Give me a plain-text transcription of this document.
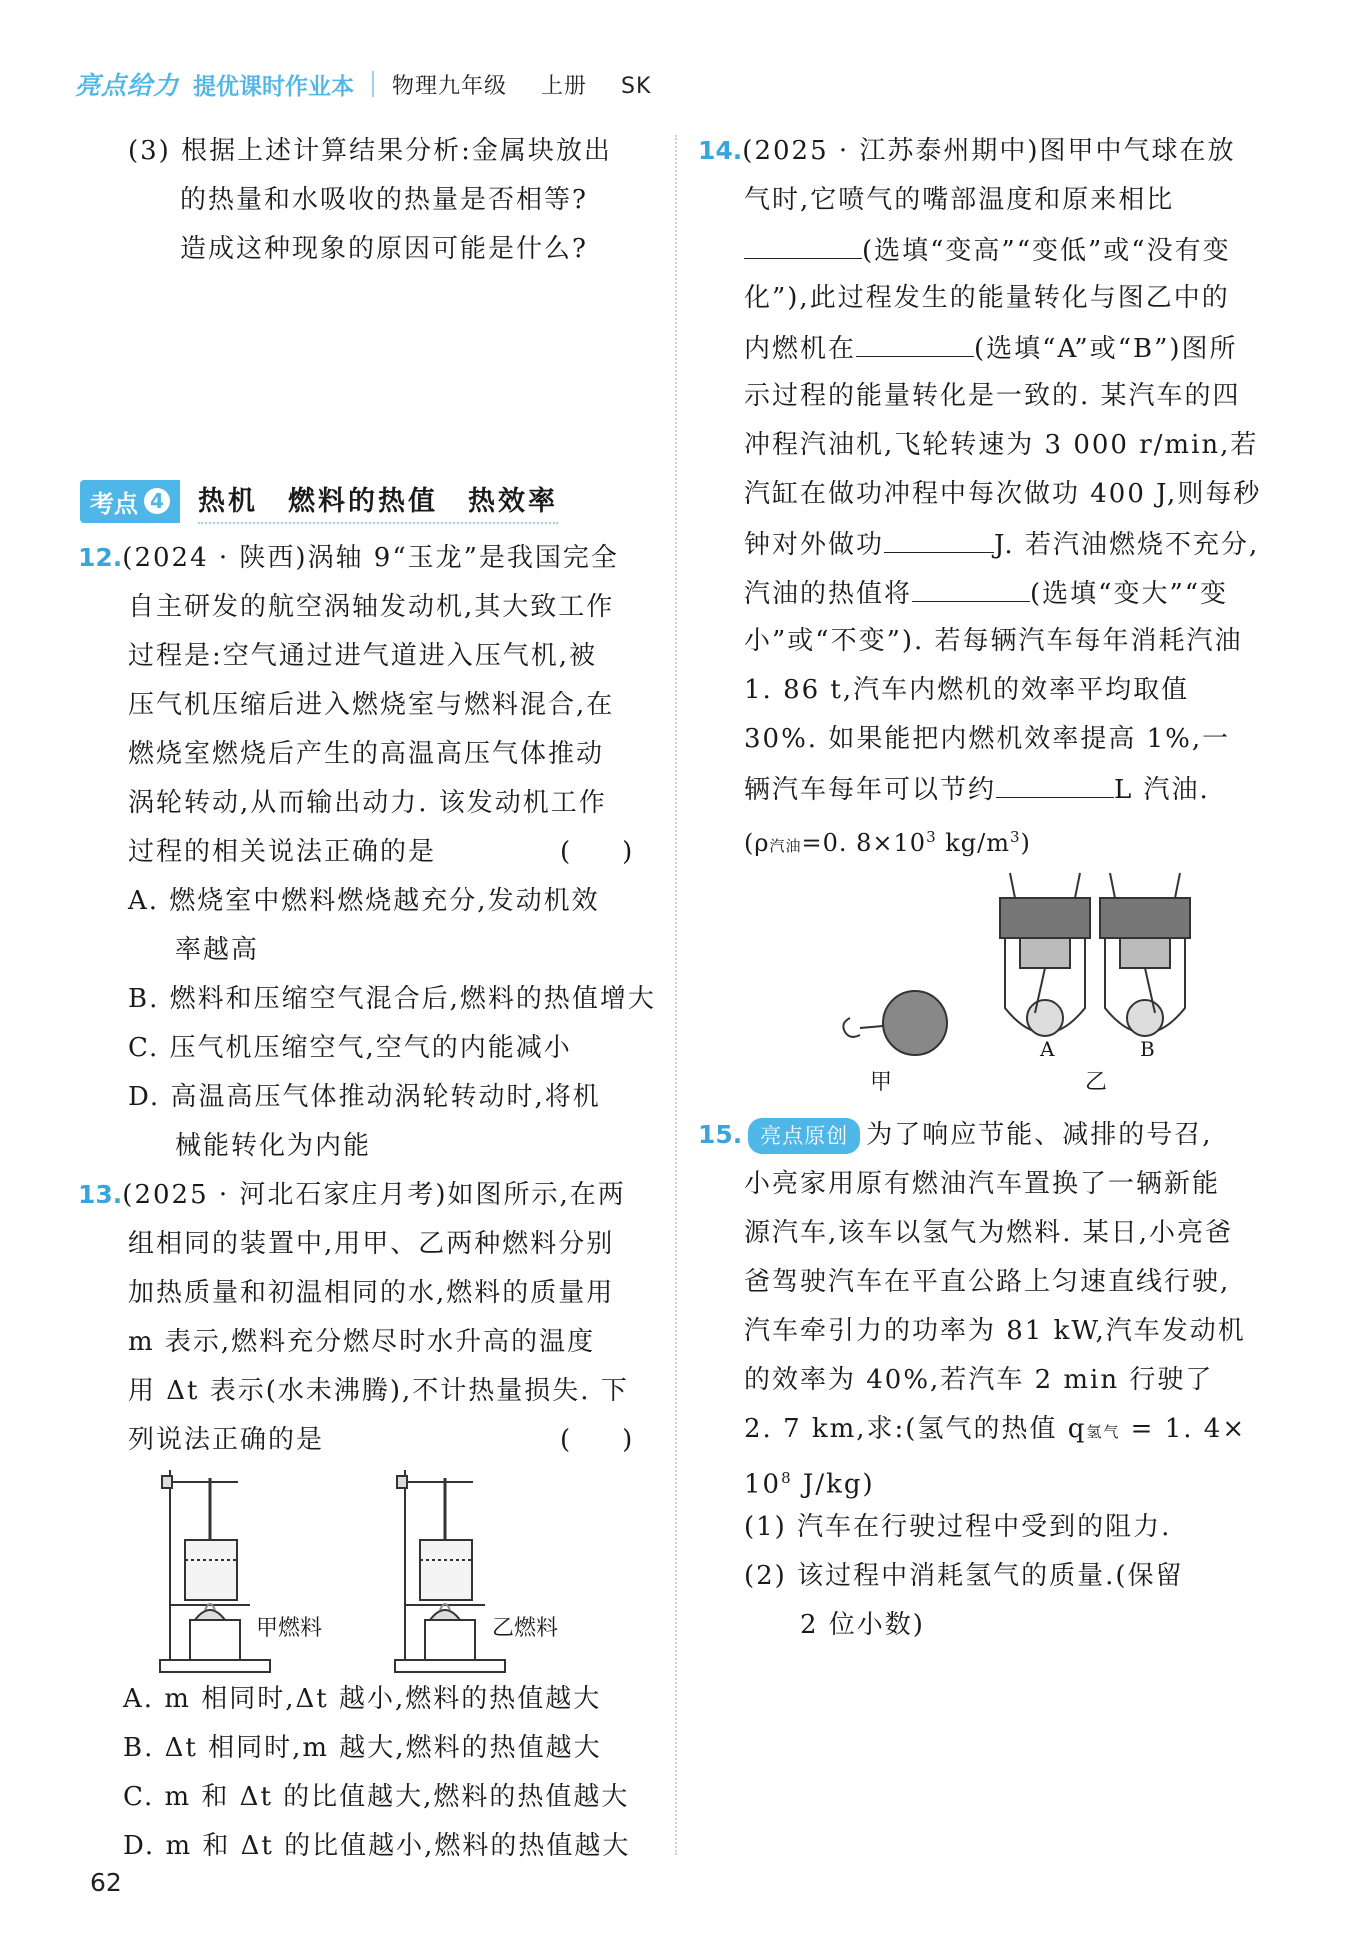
亮点给力 提优课时作业本 物理九年级 上册 SK
(3) 根据上述计算结果分析:金属块放出
的热量和水吸收的热量是否相等?
造成这种现象的原因可能是什么?
考点 4 热机　燃料的热值　热效率
12.(2024 · 陕西)涡轴 9“玉龙”是我国完全
自主研发的航空涡轴发动机,其大致工作
过程是:空气通过进气道进入压气机,被
压气机压缩后进入燃烧室与燃料混合,在
燃烧室燃烧后产生的高温高压气体推动
涡轮转动,从而输出动力. 该发动机工作
过程的相关说法正确的是	(　　)
A. 燃烧室中燃料燃烧越充分,发动机效
率越高
B. 燃料和压缩空气混合后,燃料的热值增大
C. 压气机压缩空气,空气的内能减小
D. 高温高压气体推动涡轮转动时,将机
械能转化为内能
13.(2025 · 河北石家庄月考)如图所示,在两
组相同的装置中,用甲、乙两种燃料分别
加热质量和初温相同的水,燃料的质量用
m 表示,燃料充分燃尽时水升高的温度
用 Δt 表示(水未沸腾),不计热量损失. 下
列说法正确的是	(　　)
甲燃料	乙燃料
A. m 相同时,Δt 越小,燃料的热值越大
B. Δt 相同时,m 越大,燃料的热值越大
C. m 和 Δt 的比值越大,燃料的热值越大
D. m 和 Δt 的比值越小,燃料的热值越大
14.(2025 · 江苏泰州期中)图甲中气球在放
气时,它喷气的嘴部温度和原来相比
(选填“变高”“变低”或“没有变
化”),此过程发生的能量转化与图乙中的
内燃机在	(选填“A”或“B”)图所
示过程的能量转化是一致的. 某汽车的四
冲程汽油机,飞轮转速为 3 000 r/min,若
汽缸在做功冲程中每次做功 400 J,则每秒
钟对外做功	J. 若汽油燃烧不充分,
汽油的热值将	(选填“变大”“变
小”或“不变”). 若每辆汽车每年消耗汽油
1. 86 t,汽车内燃机的效率平均取值
30%. 如果能把内燃机效率提高 1%,一
辆汽车每年可以节约	L 汽油.
(ρ汽油=0. $8\times 10^3$ $kg/m^3$)
A	B
甲	乙
15. 亮点原创 为了响应节能、减排的号召,
小亮家用原有燃油汽车置换了一辆新能
源汽车,该车以氢气为燃料. 某日,小亮爸
爸驾驶汽车在平直公路上匀速直线行驶,
汽车牵引力的功率为 81 kW,汽车发动机
的效率为 40%,若汽车 2 min 行驶了
2. 7 km,求:(氢气的热值 q氢气 = 1. 4×
$10^8$ J/kg)
(1) 汽车在行驶过程中受到的阻力.
(2) 该过程中消耗氢气的质量.(保留
2 位小数)
62
